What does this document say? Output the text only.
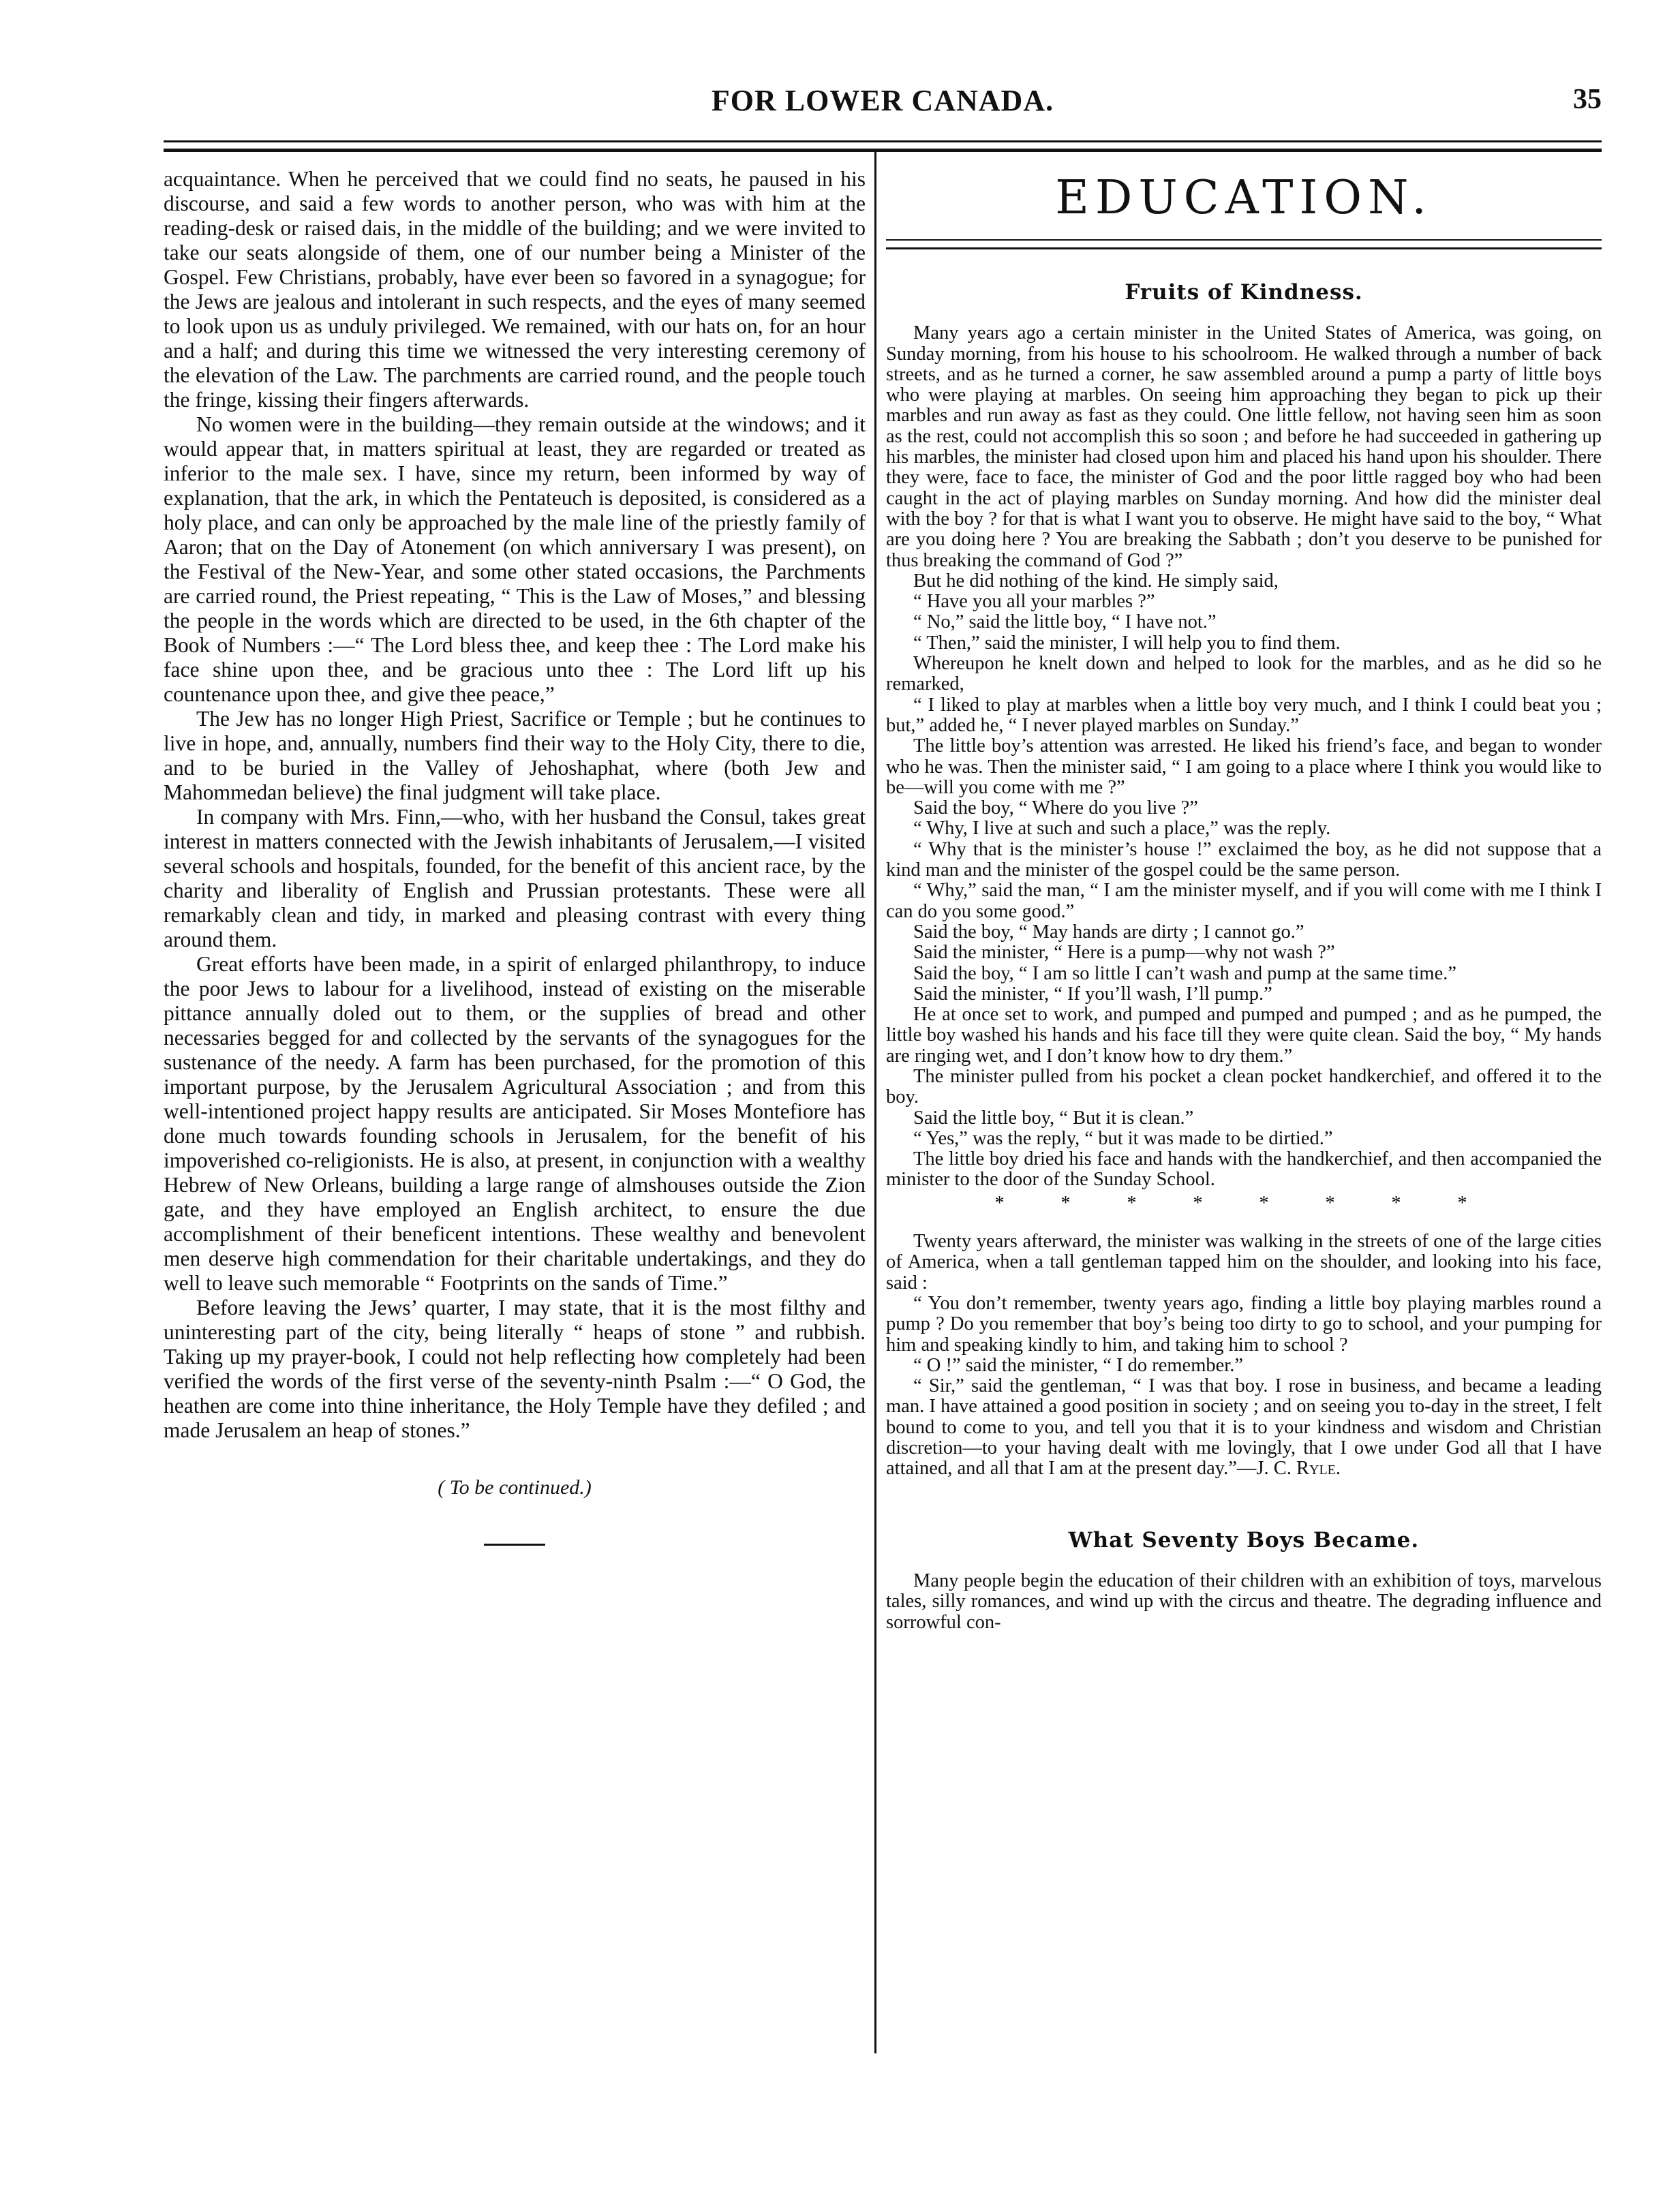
FOR LOWER CANADA.	35

acquaintance. When he perceived that we could find no seats, he paused in his discourse, and said a few words to another person, who was with him at the reading-desk or raised dais, in the middle of the building; and we were invited to take our seats alongside of them, one of our number being a Minister of the Gospel. Few Christians, probably, have ever been so favored in a synagogue; for the Jews are jealous and intolerant in such respects, and the eyes of many seemed to look upon us as unduly privileged. We remained, with our hats on, for an hour and a half; and during this time we witnessed the very interesting ceremony of the elevation of the Law. The parchments are carried round, and the people touch the fringe, kissing their fingers afterwards.

No women were in the building—they remain outside at the windows; and it would appear that, in matters spiritual at least, they are regarded or treated as inferior to the male sex. I have, since my return, been informed by way of explanation, that the ark, in which the Pentateuch is deposited, is considered as a holy place, and can only be approached by the male line of the priestly family of Aaron; that on the Day of Atonement (on which anniversary I was present), on the Festival of the New-Year, and some other stated occasions, the Parchments are carried round, the Priest repeating, “ This is the Law of Moses,” and blessing the people in the words which are directed to be used, in the 6th chapter of the Book of Numbers :—“ The Lord bless thee, and keep thee : The Lord make his face shine upon thee, and be gracious unto thee : The Lord lift up his countenance upon thee, and give thee peace,”

The Jew has no longer High Priest, Sacrifice or Temple ; but he continues to live in hope, and, annually, numbers find their way to the Holy City, there to die, and to be buried in the Valley of Jehoshaphat, where (both Jew and Mahommedan believe) the final judgment will take place.

In company with Mrs. Finn,—who, with her husband the Consul, takes great interest in matters connected with the Jewish inhabitants of Jerusalem,—I visited several schools and hospitals, founded, for the benefit of this ancient race, by the charity and liberality of English and Prussian protestants. These were all remarkably clean and tidy, in marked and pleasing contrast with every thing around them.

Great efforts have been made, in a spirit of enlarged philanthropy, to induce the poor Jews to labour for a livelihood, instead of existing on the miserable pittance annually doled out to them, or the supplies of bread and other necessaries begged for and collected by the servants of the synagogues for the sustenance of the needy. A farm has been purchased, for the promotion of this important purpose, by the Jerusalem Agricultural Association ; and from this well-intentioned project happy results are anticipated. Sir Moses Montefiore has done much towards founding schools in Jerusalem, for the benefit of his impoverished co-religionists. He is also, at present, in conjunction with a wealthy Hebrew of New Orleans, building a large range of almshouses outside the Zion gate, and they have employed an English architect, to ensure the due accomplishment of their beneficent intentions. These wealthy and benevolent men deserve high commendation for their charitable undertakings, and they do well to leave such memorable “ Footprints on the sands of Time.”

Before leaving the Jews’ quarter, I may state, that it is the most filthy and uninteresting part of the city, being literally “ heaps of stone ” and rubbish. Taking up my prayer-book, I could not help reflecting how completely had been verified the words of the first verse of the seventy-ninth Psalm :—“ O God, the heathen are come into thine inheritance, the Holy Temple have they defiled ; and made Jerusalem an heap of stones.”

( To be continued.)
EDUCATION.
Fruits of Kindness.

Many years ago a certain minister in the United States of America, was going, on Sunday morning, from his house to his schoolroom. He walked through a number of back streets, and as he turned a corner, he saw assembled around a pump a party of little boys who were playing at marbles. On seeing him approaching they began to pick up their marbles and run away as fast as they could. One little fellow, not having seen him as soon as the rest, could not accomplish this so soon ; and before he had succeeded in gathering up his marbles, the minister had closed upon him and placed his hand upon his shoulder. There they were, face to face, the minister of God and the poor little ragged boy who had been caught in the act of playing marbles on Sunday morning. And how did the minister deal with the boy ? for that is what I want you to observe. He might have said to the boy, “ What are you doing here ? You are breaking the Sabbath ; don’t you deserve to be punished for thus breaking the command of God ?”

But he did nothing of the kind. He simply said,

“ Have you all your marbles ?”

“ No,” said the little boy, “ I have not.”

“ Then,” said the minister, I will help you to find them.

Whereupon he knelt down and helped to look for the marbles, and as he did so he remarked,

“ I liked to play at marbles when a little boy very much, and I think I could beat you ; but,” added he, “ I never played marbles on Sunday.”

The little boy’s attention was arrested. He liked his friend’s face, and began to wonder who he was. Then the minister said, “ I am going to a place where I think you would like to be—will you come with me ?”

Said the boy, “ Where do you live ?”

“ Why, I live at such and such a place,” was the reply.

“ Why that is the minister’s house !” exclaimed the boy, as he did not suppose that a kind man and the minister of the gospel could be the same person.

“ Why,” said the man, “ I am the minister myself, and if you will come with me I think I can do you some good.”

Said the boy, “ May hands are dirty ; I cannot go.”

Said the minister, “ Here is a pump—why not wash ?”

Said the boy, “ I am so little I can’t wash and pump at the same time.”

Said the minister, “ If you’ll wash, I’ll pump.”

He at once set to work, and pumped and pumped and pumped ; and as he pumped, the little boy washed his hands and his face till they were quite clean. Said the boy, “ My hands are ringing wet, and I don’t know how to dry them.”

The minister pulled from his pocket a clean pocket handkerchief, and offered it to the boy.

Said the little boy, “ But it is clean.”

“ Yes,” was the reply, “ but it was made to be dirtied.”

The little boy dried his face and hands with the handkerchief, and then accompanied the minister to the door of the Sunday School.

* * * * * * * *

Twenty years afterward, the minister was walking in the streets of one of the large cities of America, when a tall gentleman tapped him on the shoulder, and looking into his face, said :

“ You don’t remember, twenty years ago, finding a little boy playing marbles round a pump ? Do you remember that boy’s being too dirty to go to school, and your pumping for him and speaking kindly to him, and taking him to school ?

“ O !” said the minister, “ I do remember.”

“ Sir,” said the gentleman, “ I was that boy. I rose in business, and became a leading man. I have attained a good position in society ; and on seeing you to-day in the street, I felt bound to come to you, and tell you that it is to your kindness and wisdom and Christian discretion—to your having dealt with me lovingly, that I owe under God all that I have attained, and all that I am at the present day.”—J. C. Ryle.

What Seventy Boys Became.

Many people begin the education of their children with an exhibition of toys, marvelous tales, silly romances, and wind up with the circus and theatre. The degrading influence and sorrowful con-
